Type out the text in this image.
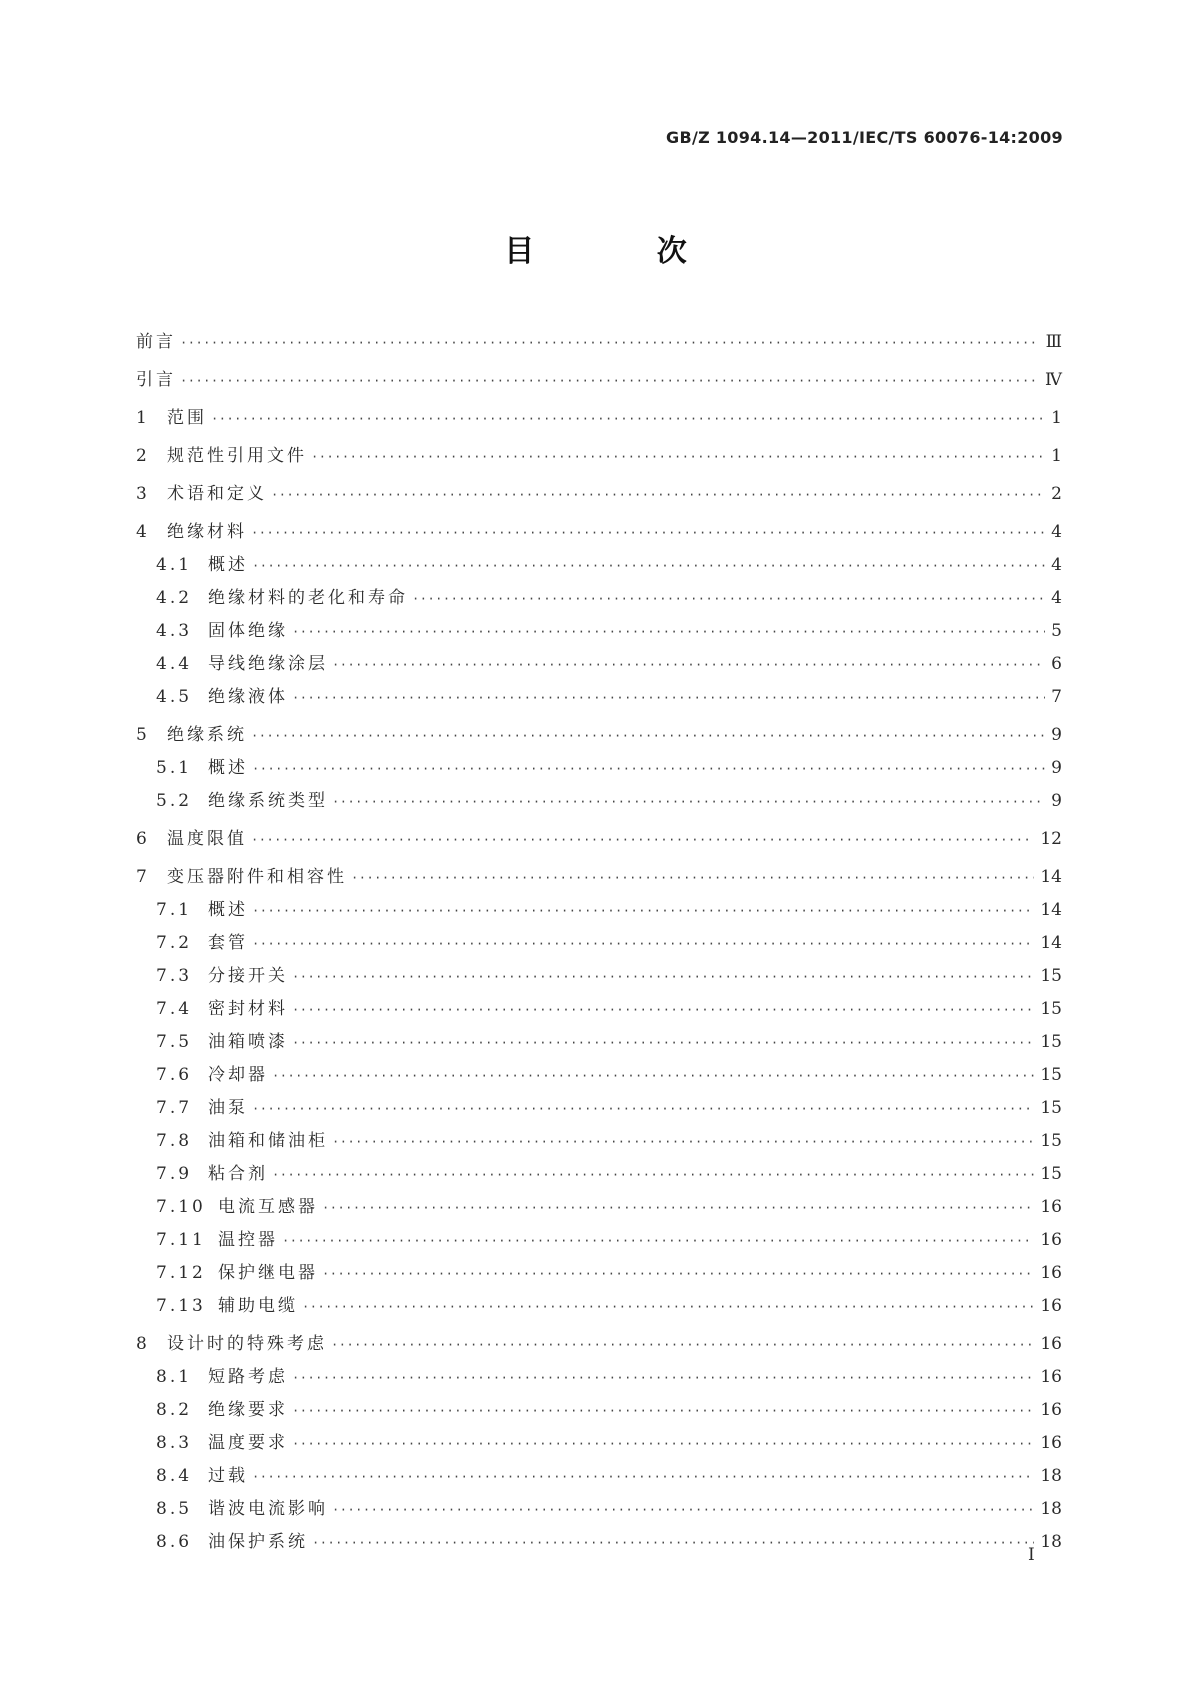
GB/Z 1094.14—2011/IEC/TS 60076-14:2009
目 次
前言 ·····	Ⅲ
引言 ·····	Ⅳ
1	范围 ·····	1
2	规范性引用文件 ·····	1
3	术语和定义 ·····	2
4	绝缘材料 ·····	4
4.1 概述 ·····	4
4.2 绝缘材料的老化和寿命 ·····	4
4.3 固体绝缘 ·····	5
4.4 导线绝缘涂层 ·····	6
4.5 绝缘液体 ·····	7
5	绝缘系统 ·····	9
5.1 概述 ·····	9
5.2 绝缘系统类型 ·····	9
6	温度限值 ·····	12
7	变压器附件和相容性 ·····	14
7.1 概述 ·····	14
7.2 套管 ·····	14
7.3 分接开关 ·····	15
7.4 密封材料 ·····	15
7.5 油箱喷漆 ·····	15
7.6 冷却器 ·····	15
7.7 油泵 ·····	15
7.8 油箱和储油柜 ·····	15
7.9 粘合剂 ·····	15
7.10 电流互感器 ·····	16
7.11 温控器 ·····	16
7.12 保护继电器 ·····	16
7.13 辅助电缆 ·····	16
8	设计时的特殊考虑 ·····	16
8.1 短路考虑 ·····	16
8.2 绝缘要求 ·····	16
8.3 温度要求 ·····	16
8.4 过载 ·····	18
8.5 谐波电流影响 ·····	18
8.6 油保护系统 ·····	18
I
